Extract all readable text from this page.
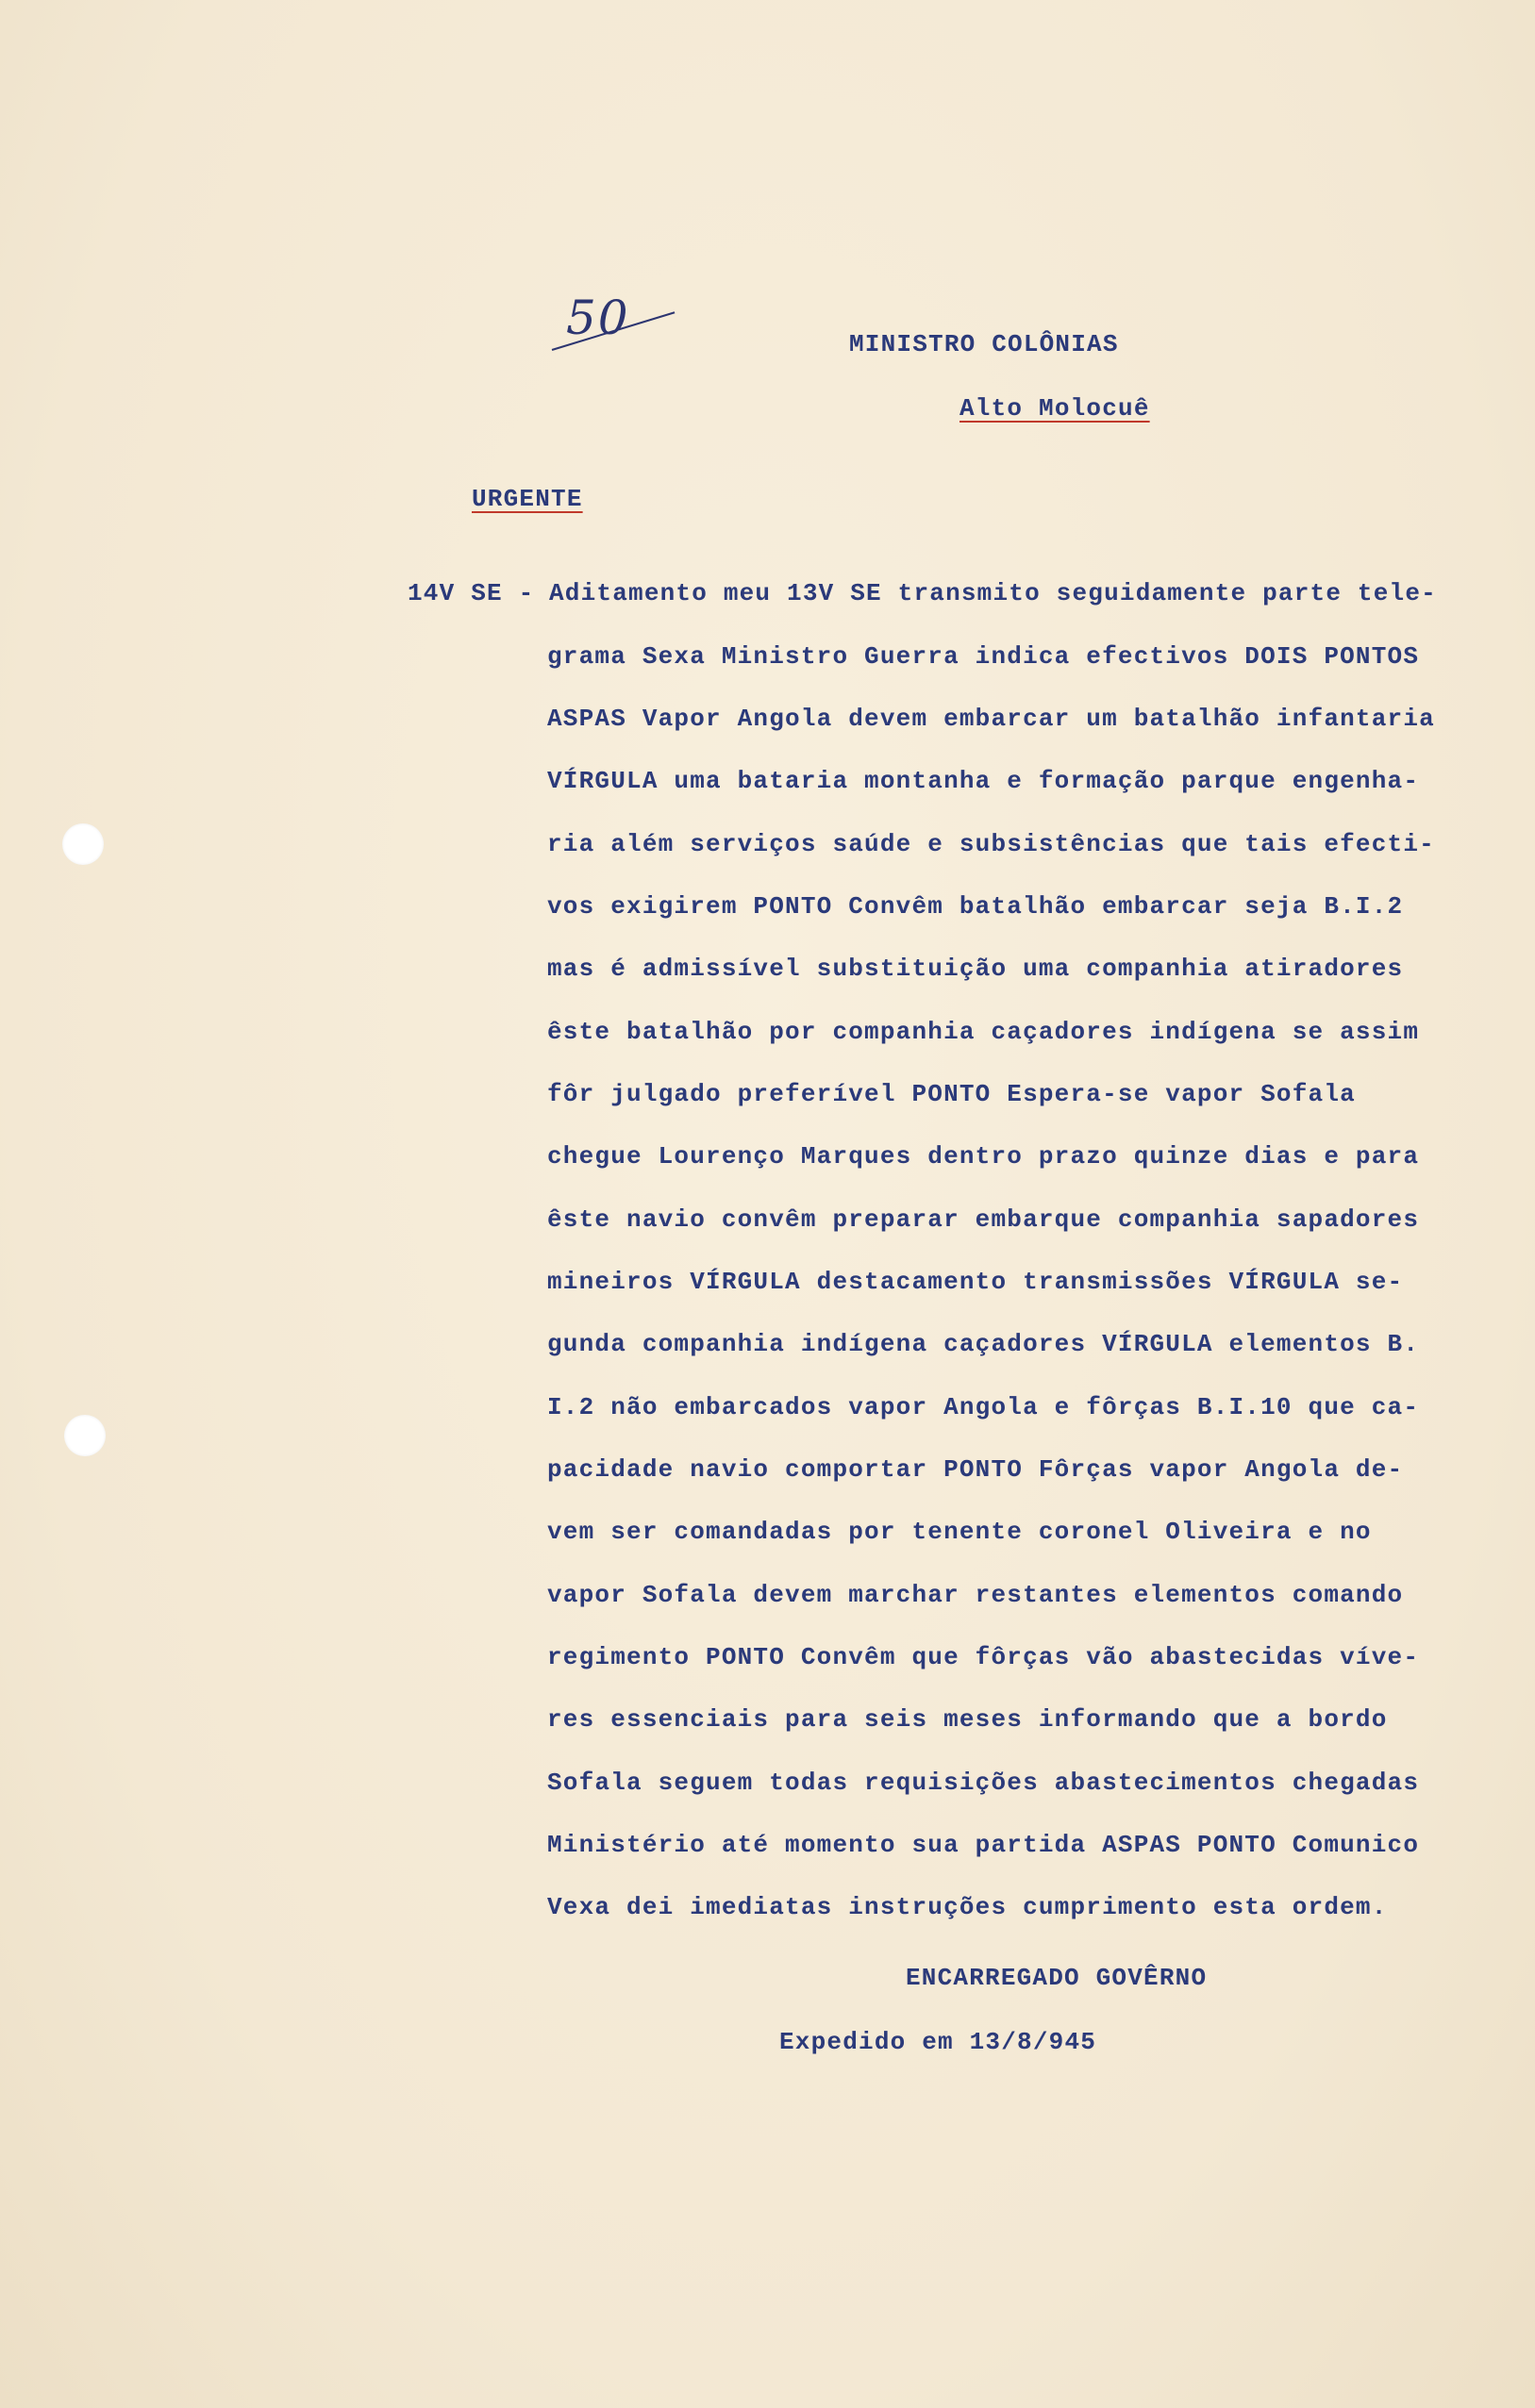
50	MINISTRO COLÔNIAS
Alto Molocuê
URGENTE
14V SE - Aditamento meu 13V SE transmito seguidamente parte tele-
grama Sexa Ministro Guerra indica efectivos DOIS PONTOS
ASPAS Vapor Angola devem embarcar um batalhão infantaria
VÍRGULA uma bataria montanha e formação parque engenha-
ria além serviços saúde e subsistências que tais efecti-
vos exigirem PONTO Convêm batalhão embarcar seja B.I.2
mas é admissível substituição uma companhia atiradores
êste batalhão por companhia caçadores indígena se assim
fôr julgado preferível PONTO Espera-se vapor Sofala
chegue Lourenço Marques dentro prazo quinze dias e para
êste navio convêm preparar embarque companhia sapadores
mineiros VÍRGULA destacamento transmissões VÍRGULA se-
gunda companhia indígena caçadores VÍRGULA elementos B.
I.2 não embarcados vapor Angola e fôrças B.I.10 que ca-
pacidade navio comportar PONTO Fôrças vapor Angola de-
vem ser comandadas por tenente coronel Oliveira e no
vapor Sofala devem marchar restantes elementos comando
regimento PONTO Convêm que fôrças vão abastecidas víve-
res essenciais para seis meses informando que a bordo
Sofala seguem todas requisições abastecimentos chegadas
Ministério até momento sua partida ASPAS PONTO Comunico
Vexa dei imediatas instruções cumprimento esta ordem.
ENCARREGADO GOVÊRNO
Expedido em 13/8/945
